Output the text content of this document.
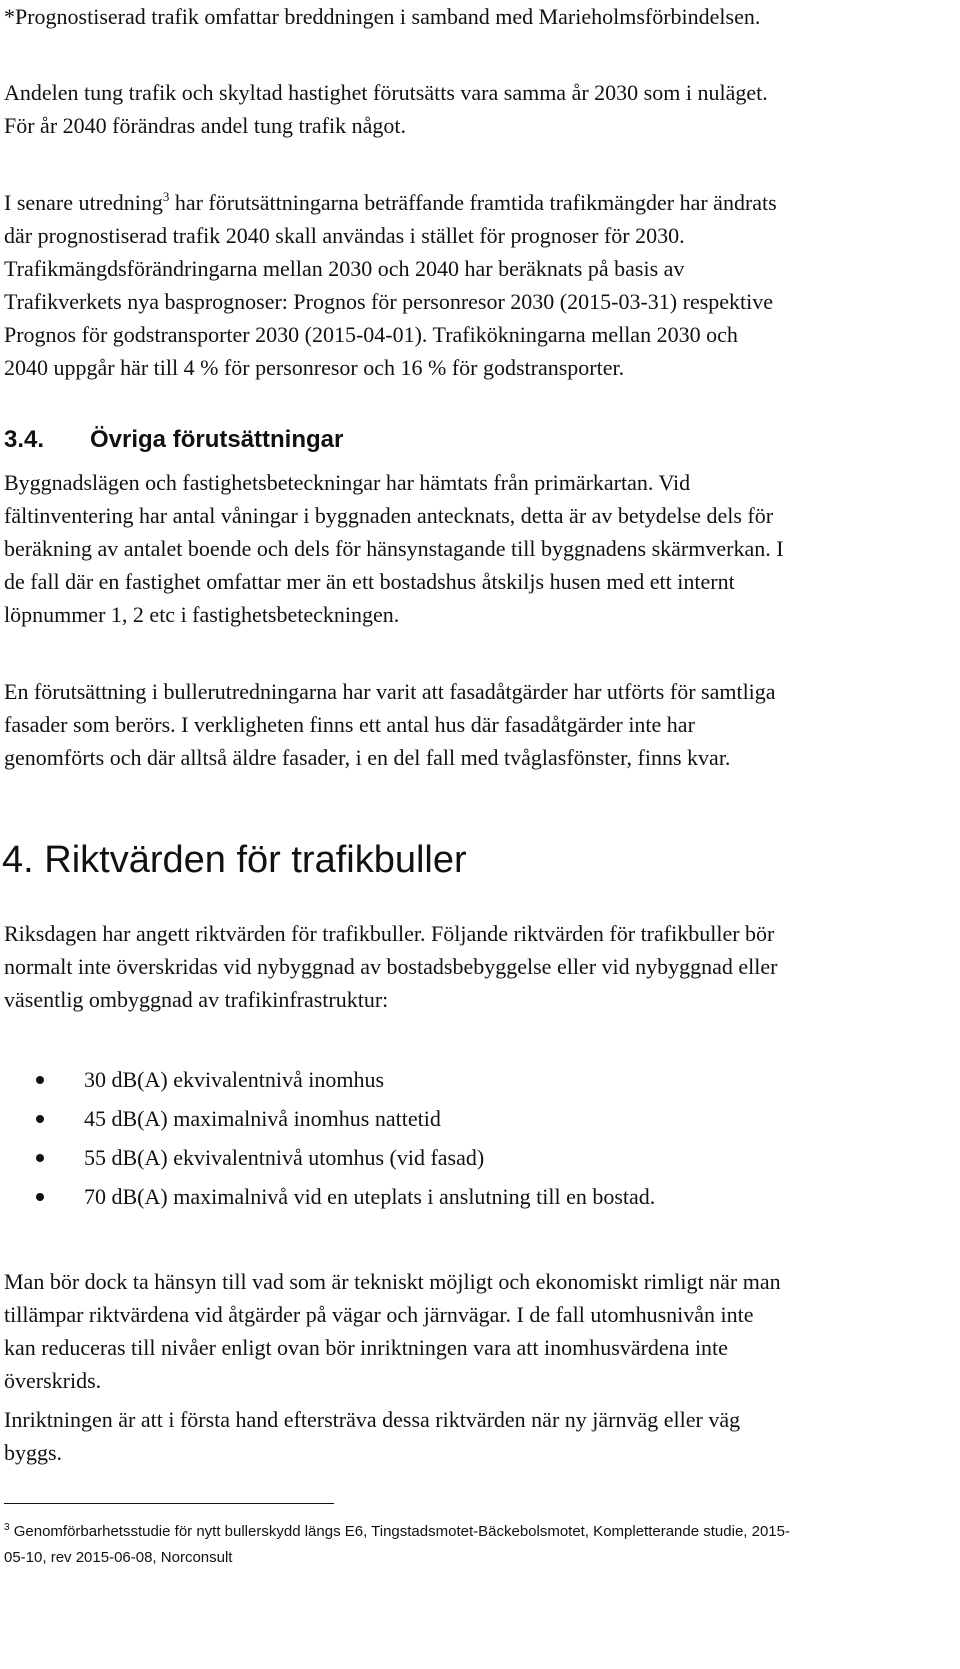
*Prognostiserad trafik omfattar breddningen i samband med Marieholmsförbindelsen.

Andelen tung trafik och skyltad hastighet förutsätts vara samma år 2030 som i nuläget.
För år 2040 förändras andel tung trafik något.

I senare utredning$^3$ har förutsättningarna beträffande framtida trafikmängder har ändrats
där prognostiserad trafik 2040 skall användas i stället för prognoser för 2030.
Trafikmängdsförändringarna mellan 2030 och 2040 har beräknats på basis av
Trafikverkets nya basprognoser: Prognos för personresor 2030 (2015-03-31) respektive
Prognos för godstransporter 2030 (2015-04-01). Trafikökningarna mellan 2030 och
2040 uppgår här till 4 % för personresor och 16 % för godstransporter.

3.4. Övriga förutsättningar

Byggnadslägen och fastighetsbeteckningar har hämtats från primärkartan. Vid
fältinventering har antal våningar i byggnaden antecknats, detta är av betydelse dels för
beräkning av antalet boende och dels för hänsynstagande till byggnadens skärmverkan. I
de fall där en fastighet omfattar mer än ett bostadshus åtskiljs husen med ett internt
löpnummer 1, 2 etc i fastighetsbeteckningen.

En förutsättning i bullerutredningarna har varit att fasadåtgärder har utförts för samtliga
fasader som berörs. I verkligheten finns ett antal hus där fasadåtgärder inte har
genomförts och där alltså äldre fasader, i en del fall med tvåglasfönster, finns kvar.

4. Riktvärden för trafikbuller

Riksdagen har angett riktvärden för trafikbuller. Följande riktvärden för trafikbuller bör
normalt inte överskridas vid nybyggnad av bostadsbebyggelse eller vid nybyggnad eller
väsentlig ombyggnad av trafikinfrastruktur:

30 dB(A) ekvivalentnivå inomhus
45 dB(A) maximalnivå inomhus nattetid
55 dB(A) ekvivalentnivå utomhus (vid fasad)
70 dB(A) maximalnivå vid en uteplats i anslutning till en bostad.

Man bör dock ta hänsyn till vad som är tekniskt möjligt och ekonomiskt rimligt när man
tillämpar riktvärdena vid åtgärder på vägar och järnvägar. I de fall utomhusnivån inte
kan reduceras till nivåer enligt ovan bör inriktningen vara att inomhusvärdena inte
överskrids.

Inriktningen är att i första hand eftersträva dessa riktvärden när ny järnväg eller väg
byggs.

$^3$ Genomförbarhetsstudie för nytt bullerskydd längs E6, Tingstadsmotet-Bäckebolsmotet, Kompletterande studie, 2015-
05-10, rev 2015-06-08, Norconsult
